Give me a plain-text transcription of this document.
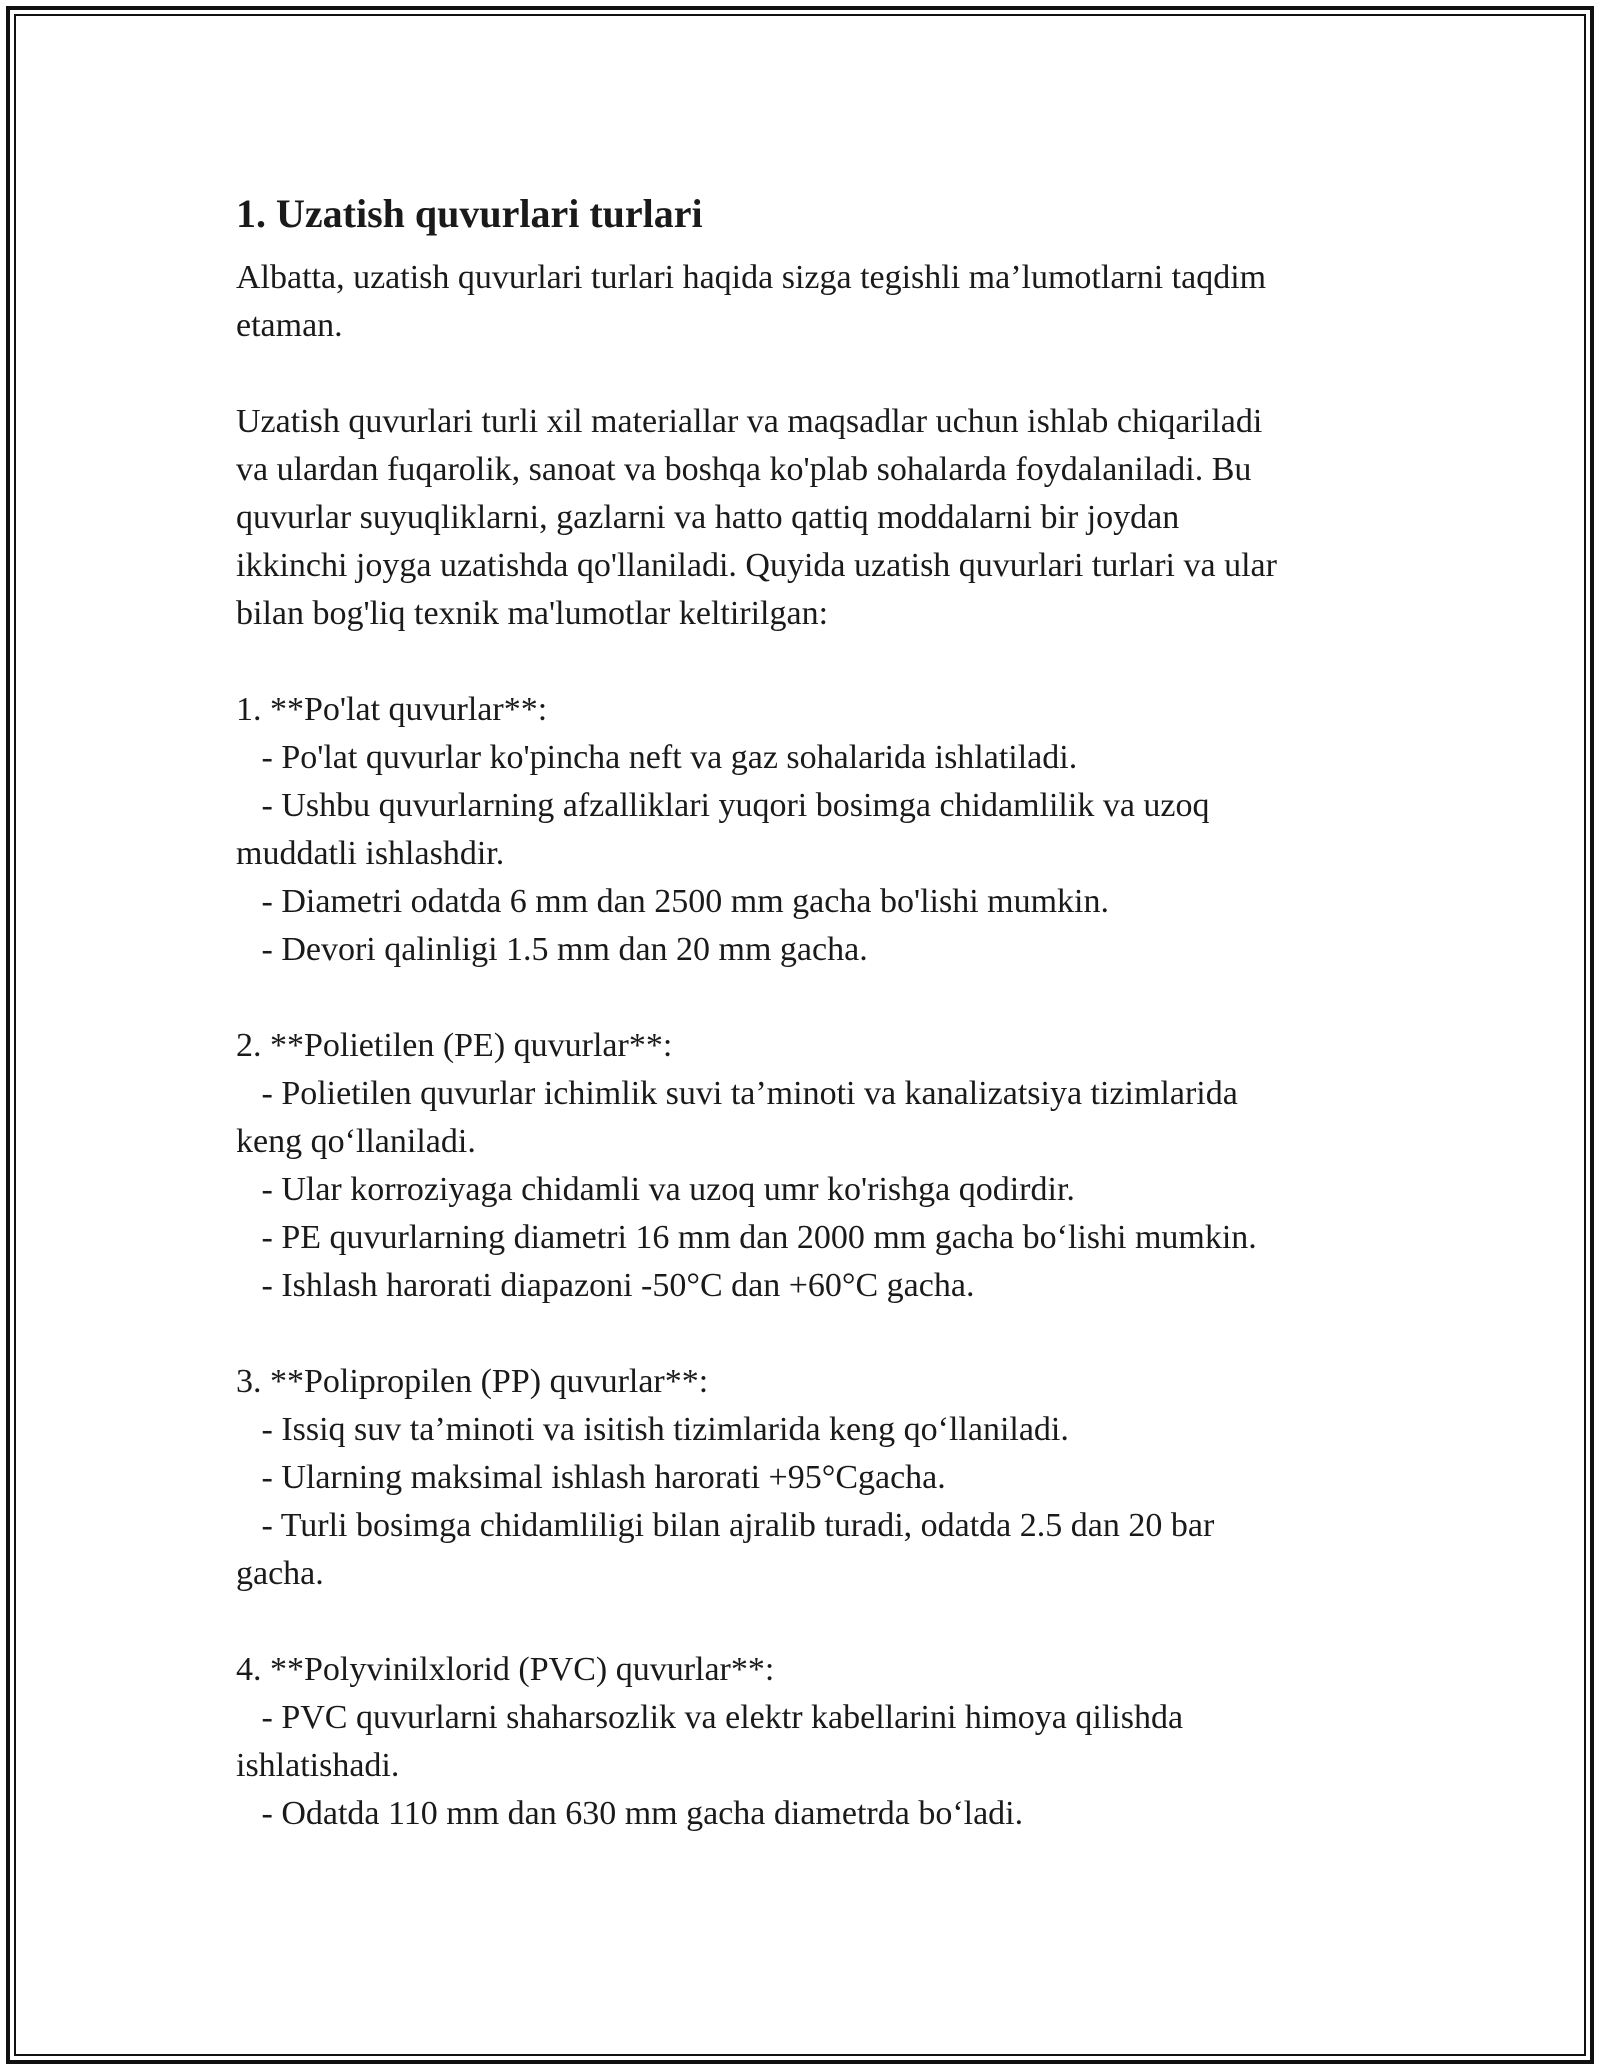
1. Uzatish quvurlari turlari

Albatta, uzatish quvurlari turlari haqida sizga tegishli ma’lumotlarni taqdim
etaman.

Uzatish quvurlari turli xil materiallar va maqsadlar uchun ishlab chiqariladi
va ulardan fuqarolik, sanoat va boshqa ko'plab sohalarda foydalaniladi. Bu
quvurlar suyuqliklarni, gazlarni va hatto qattiq moddalarni bir joydan
ikkinchi joyga uzatishda qo'llaniladi. Quyida uzatish quvurlari turlari va ular
bilan bog'liq texnik ma'lumotlar keltirilgan:

1. **Po'lat quvurlar**:

- Po'lat quvurlar ko'pincha neft va gaz sohalarida ishlatiladi.

- Ushbu quvurlarning afzalliklari yuqori bosimga chidamlilik va uzoq
muddatli ishlashdir.

- Diametri odatda 6 mm dan 2500 mm gacha bo'lishi mumkin.

- Devori qalinligi 1.5 mm dan 20 mm gacha.

2. **Polietilen (PE) quvurlar**:

- Polietilen quvurlar ichimlik suvi ta’minoti va kanalizatsiya tizimlarida
keng qo‘llaniladi.

- Ular korroziyaga chidamli va uzoq umr ko'rishga qodirdir.

- PE quvurlarning diametri 16 mm dan 2000 mm gacha bo‘lishi mumkin.

- Ishlash harorati diapazoni -50°C dan +60°C gacha.

3. **Polipropilen (PP) quvurlar**:

- Issiq suv ta’minoti va isitish tizimlarida keng qo‘llaniladi.

- Ularning maksimal ishlash harorati +95°Cgacha.

- Turli bosimga chidamliligi bilan ajralib turadi, odatda 2.5 dan 20 bar
gacha.

4. **Polyvinilxlorid (PVC) quvurlar**:

- PVC quvurlarni shaharsozlik va elektr kabellarini himoya qilishda
ishlatishadi.

- Odatda 110 mm dan 630 mm gacha diametrda bo‘ladi.
